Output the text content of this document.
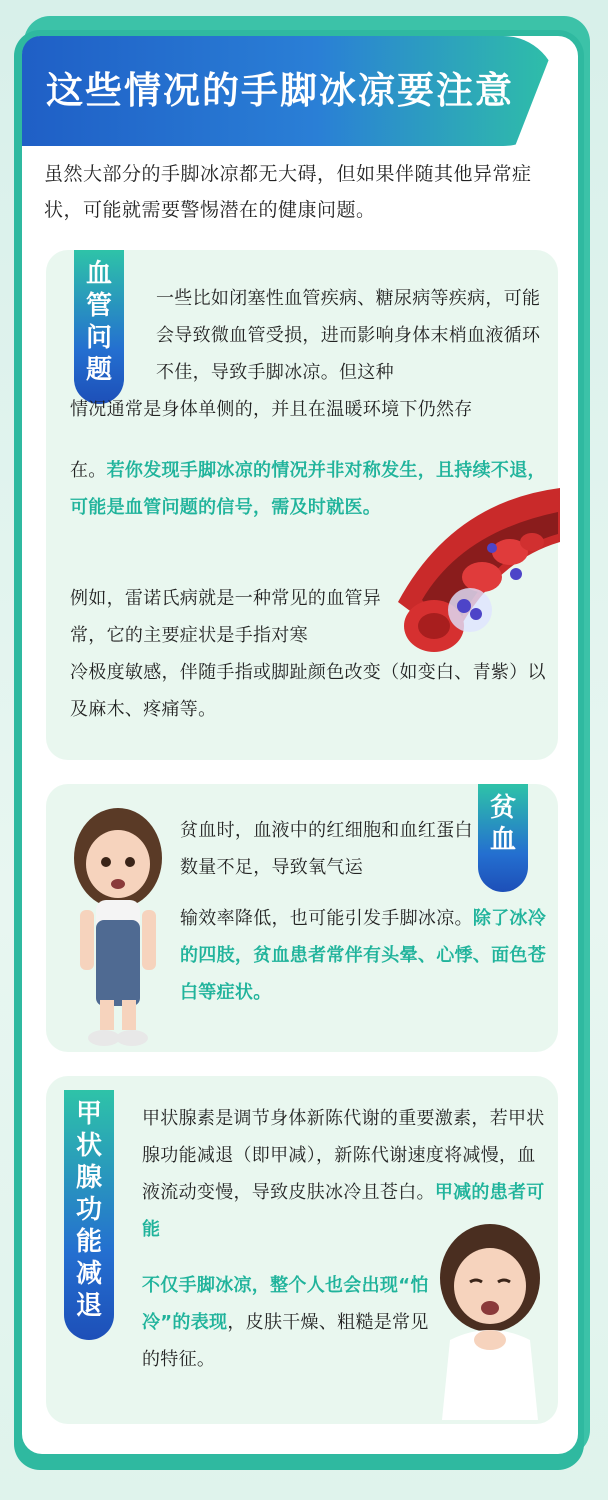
这些情况的手脚冰凉要注意
虽然大部分的手脚冰凉都无大碍，但如果伴随其他异常症状，可能就需要警惕潜在的健康问题。
血
管
问
题
一些比如闭塞性血管疾病、糖尿病等疾病，可能会导致微血管受损，进而影响身体末梢血液循环不佳，导致手脚冰凉。但这种
情况通常是身体单侧的，并且在温暖环境下仍然存
在。若你发现手脚冰凉的情况并非对称发生，且持续不退，可能是血管问题的信号，需及时就医。
例如，雷诺氏病就是一种常见的血管异常，它的主要症状是手指对寒
冷极度敏感，伴随手指或脚趾颜色改变（如变白、青紫）以及麻木、疼痛等。
贫
血
贫血时，血液中的红细胞和血红蛋白数量不足，导致氧气运
输效率降低，也可能引发手脚冰凉。除了冰冷的四肢，贫血患者常伴有头晕、心悸、面色苍白等症状。
甲
状
腺
功
能
减
退
甲状腺素是调节身体新陈代谢的重要激素，若甲状腺功能减退（即甲减），新陈代谢速度将减慢，血液流动变慢，导致皮肤冰冷且苍白。甲减的患者可能
不仅手脚冰凉，整个人也会出现“怕冷”的表现，皮肤干燥、粗糙是常见的特征。
